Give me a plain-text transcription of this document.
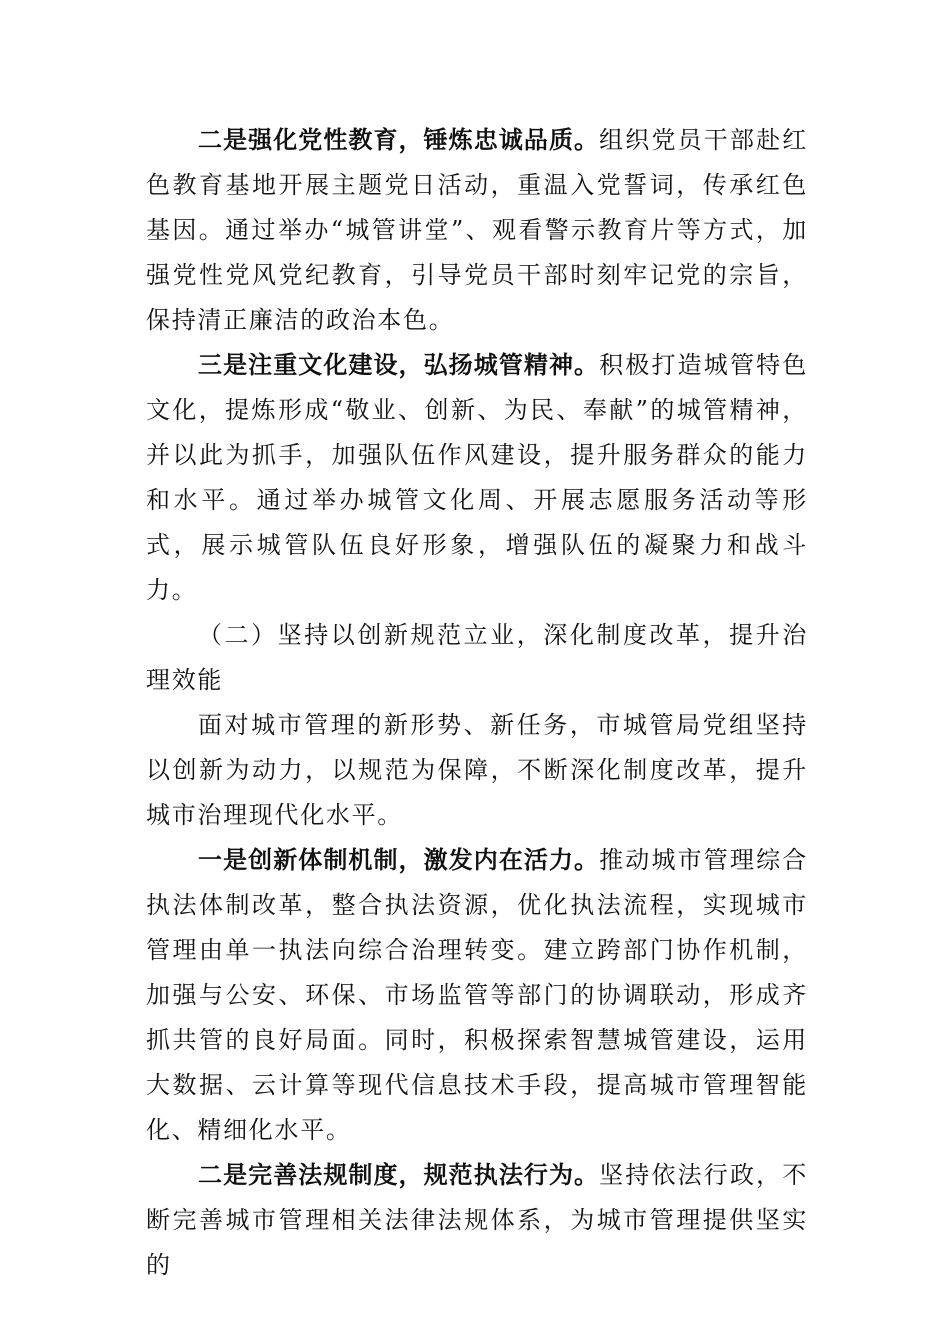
二是强化党性教育，锤炼忠诚品质。组织党员干部赴红色教育基地开展主题党日活动，重温入党誓词，传承红色基因。通过举办“城管讲堂”、观看警示教育片等方式，加强党性党风党纪教育，引导党员干部时刻牢记党的宗旨，保持清正廉洁的政治本色。

三是注重文化建设，弘扬城管精神。积极打造城管特色文化，提炼形成“敬业、创新、为民、奉献”的城管精神，并以此为抓手，加强队伍作风建设，提升服务群众的能力和水平。通过举办城管文化周、开展志愿服务活动等形式，展示城管队伍良好形象，增强队伍的凝聚力和战斗力。

（二）坚持以创新规范立业，深化制度改革，提升治理效能

面对城市管理的新形势、新任务，市城管局党组坚持以创新为动力，以规范为保障，不断深化制度改革，提升城市治理现代化水平。

一是创新体制机制，激发内在活力。推动城市管理综合执法体制改革，整合执法资源，优化执法流程，实现城市管理由单一执法向综合治理转变。建立跨部门协作机制，加强与公安、环保、市场监管等部门的协调联动，形成齐抓共管的良好局面。同时，积极探索智慧城管建设，运用大数据、云计算等现代信息技术手段，提高城市管理智能化、精细化水平。

二是完善法规制度，规范执法行为。坚持依法行政，不断完善城市管理相关法律法规体系，为城市管理提供坚实的
